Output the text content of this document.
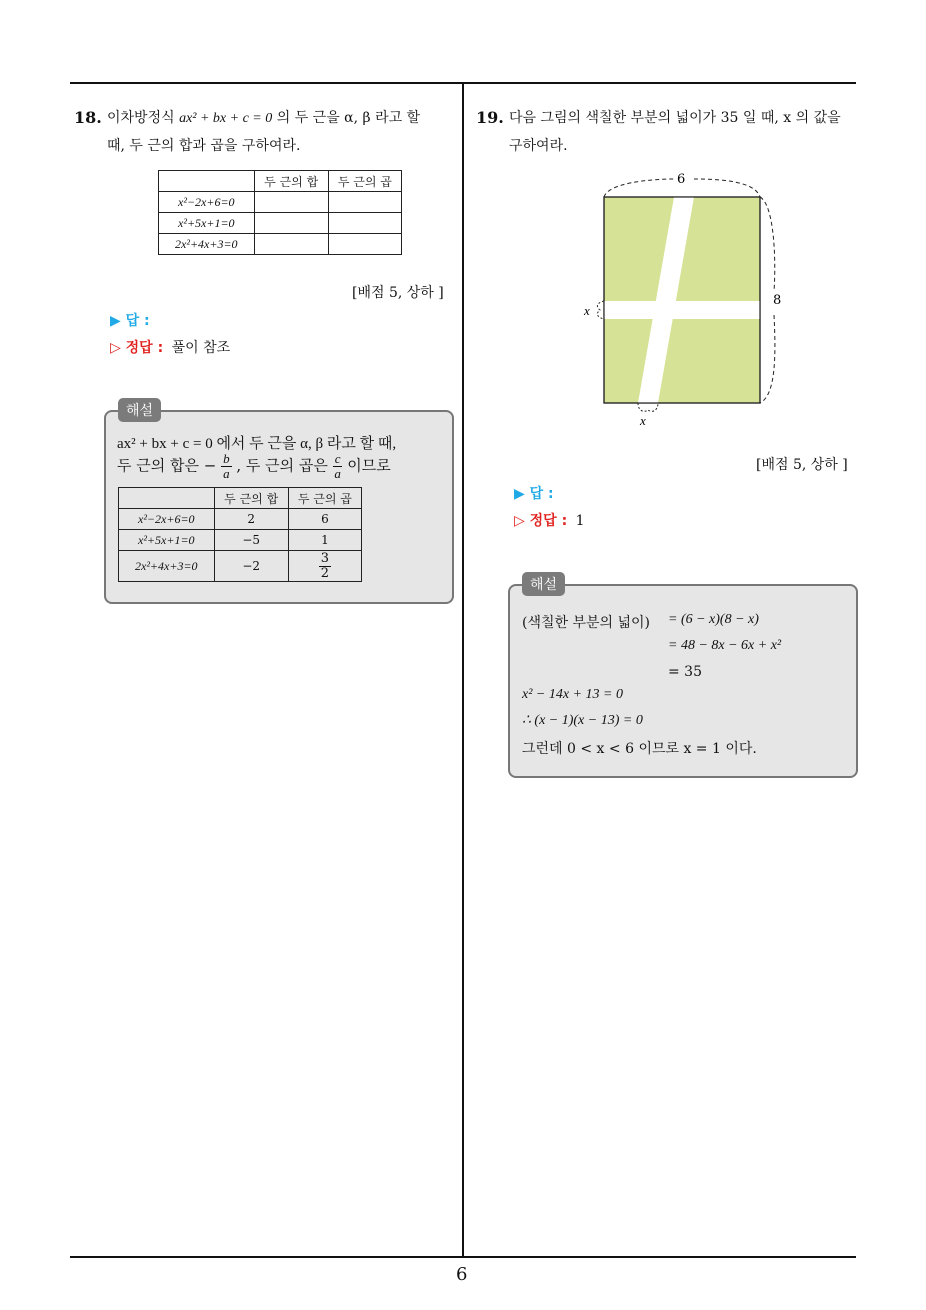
6
18. 이차방정식 ax² + bx + c = 0 의 두 근을 α, β 라고 할
때, 두 근의 합과 곱을 구하여라.
	두 근의 합	두 근의 곱
x²−2x+6=0		
x²+5x+1=0		
2x²+4x+3=0		
[배점 5, 상하 ]
▶ 답 :
▷ 정답 : 풀이 참조
해설
ax² + bx + c = 0 에서 두 근을 α, β 라고 할 때,
두 근의 합은 − $\frac{b}{a}$ , 두 근의 곱은 $\frac{c}{a}$ 이므로
	두 근의 합	두 근의 곱
x²−2x+6=0	2	6
x²+5x+1=0	−5	1
2x²+4x+3=0	−2	$\frac{3}{2}$
19. 다음 그림의 색칠한 부분의 넓이가 35 일 때, x 의 값을
구하여라.
6
8
x
x
[배점 5, 상하 ]
▶ 답 :
▷ 정답 : 1
해설
(색칠한 부분의 넓이) = (6 − x)(8 − x)
= 48 − 8x − 6x + x²
= 35
x² − 14x + 13 = 0
∴ (x − 1)(x − 13) = 0
그런데 0 < x < 6 이므로 x = 1 이다.
